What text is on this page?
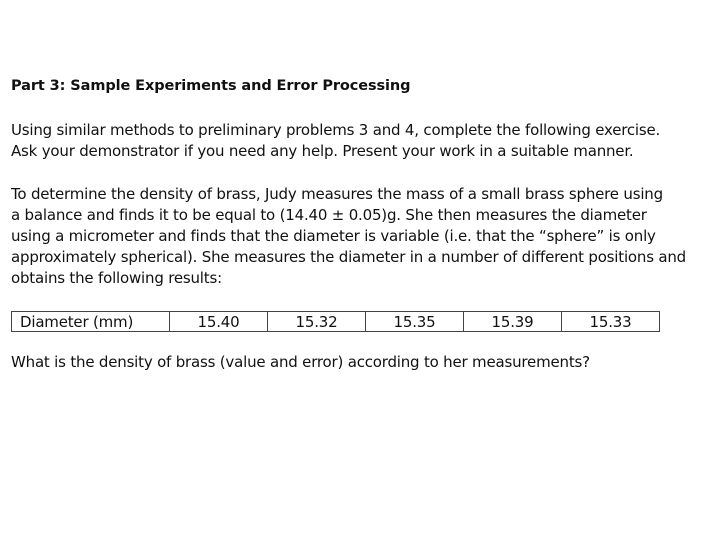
Part 3: Sample Experiments and Error Processing
Using similar methods to preliminary problems 3 and 4, complete the following exercise.
Ask your demonstrator if you need any help. Present your work in a suitable manner.
To determine the density of brass, Judy measures the mass of a small brass sphere using
a balance and finds it to be equal to (14.40 ± 0.05)g. She then measures the diameter
using a micrometer and finds that the diameter is variable (i.e. that the “sphere” is only
approximately spherical). She measures the diameter in a number of different positions and
obtains the following results:
Diameter (mm)	15.40	15.32	15.35	15.39	15.33
What is the density of brass (value and error) according to her measurements?
